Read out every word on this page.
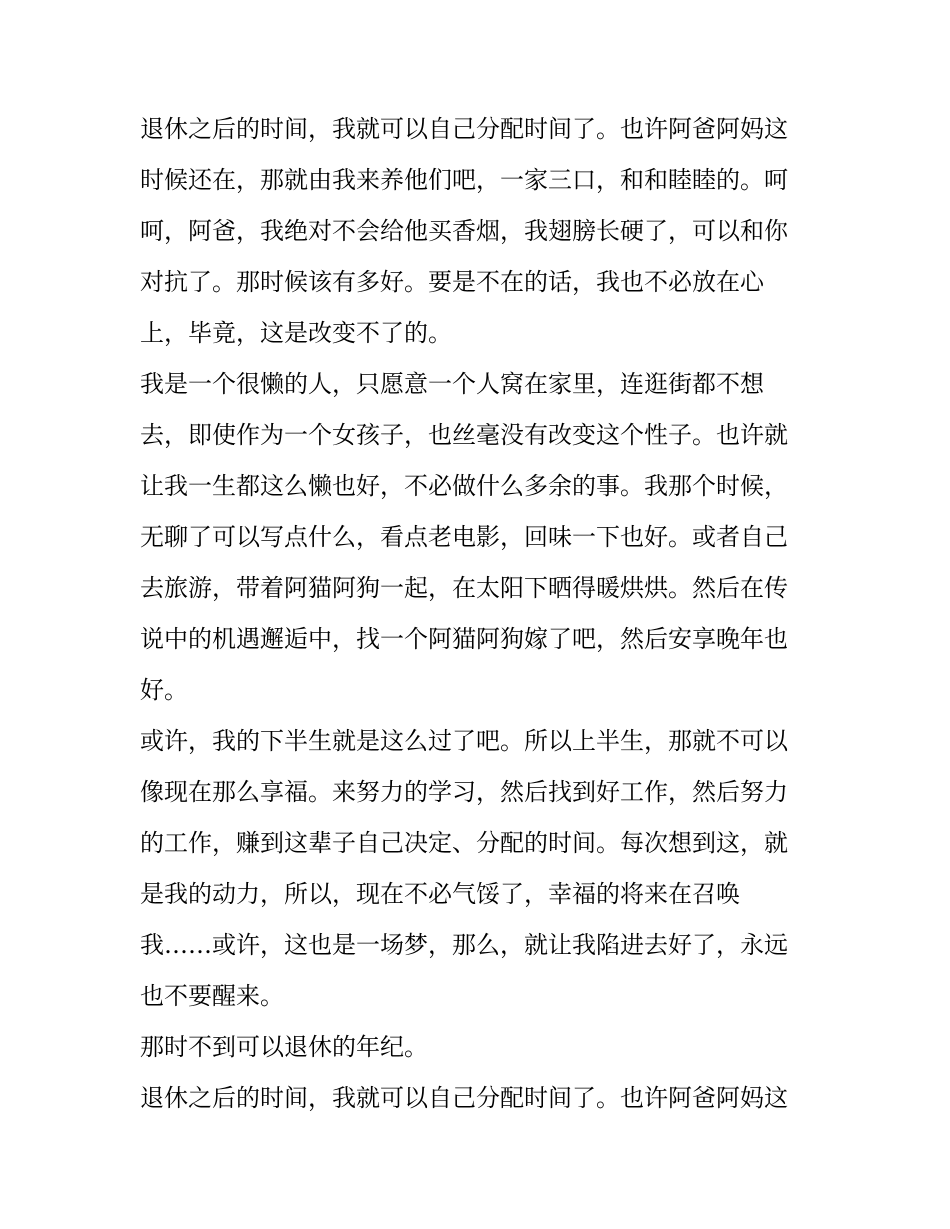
退休之后的时间，我就可以自己分配时间了。也许阿爸阿妈这
时候还在，那就由我来养他们吧，一家三口，和和睦睦的。呵
呵，阿爸，我绝对不会给他买香烟，我翅膀长硬了，可以和你
对抗了。那时候该有多好。要是不在的话，我也不必放在心
上，毕竟，这是改变不了的。
我是一个很懒的人，只愿意一个人窝在家里，连逛街都不想
去，即使作为一个女孩子，也丝毫没有改变这个性子。也许就
让我一生都这么懒也好，不必做什么多余的事。我那个时候，
无聊了可以写点什么，看点老电影，回味一下也好。或者自己
去旅游，带着阿猫阿狗一起，在太阳下晒得暖烘烘。然后在传
说中的机遇邂逅中，找一个阿猫阿狗嫁了吧，然后安享晚年也
好。
或许，我的下半生就是这么过了吧。所以上半生，那就不可以
像现在那么享福。来努力的学习，然后找到好工作，然后努力
的工作，赚到这辈子自己决定、分配的时间。每次想到这，就
是我的动力，所以，现在不必气馁了，幸福的将来在召唤
我……或许，这也是一场梦，那么，就让我陷进去好了，永远
也不要醒来。
那时不到可以退休的年纪。
退休之后的时间，我就可以自己分配时间了。也许阿爸阿妈这
